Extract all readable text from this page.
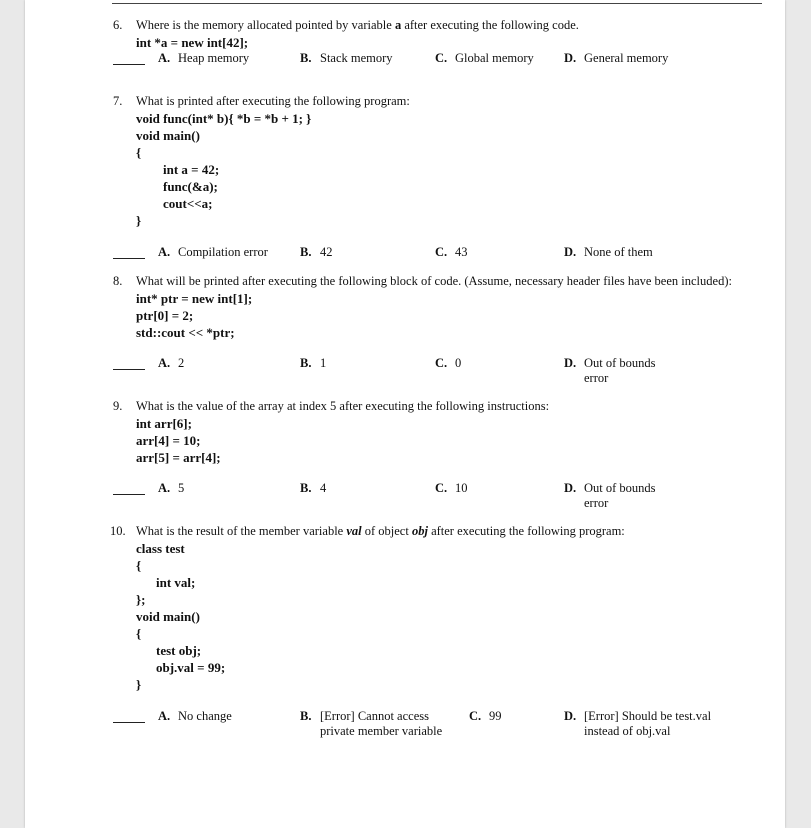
6. Where is the memory allocated pointed by variable a after executing the following code.
int *a = new int[42];
A. Heap memory	B. Stack memory	C. Global memory D. General memory
7. What is printed after executing the following program:
void func(int* b){ *b = *b + 1; }
void main()
{
int a = 42;
func(&a);
cout<<a;
}
A. Compilation error	B. 42	C. 43	D. None of them
8. What will be printed after executing the following block of code. (Assume, necessary header files have been included):
int* ptr = new int[1];
ptr[0] = 2;
std::cout << *ptr;
A. 2	B. 1	C. 0	D. Out of bounds error
9. What is the value of the array at index 5 after executing the following instructions:
int arr[6];
arr[4] = 10;
arr[5] = arr[4];
A. 5	B. 4	C. 10	D. Out of bounds error
10. What is the result of the member variable val of object obj after executing the following program:
class test
{
int val;
};
void main()
{
test obj;
obj.val = 99;
}
A. No change	B. [Error] Cannot access private member variable
C. 99	D. [Error] Should be test.val instead of obj.val
